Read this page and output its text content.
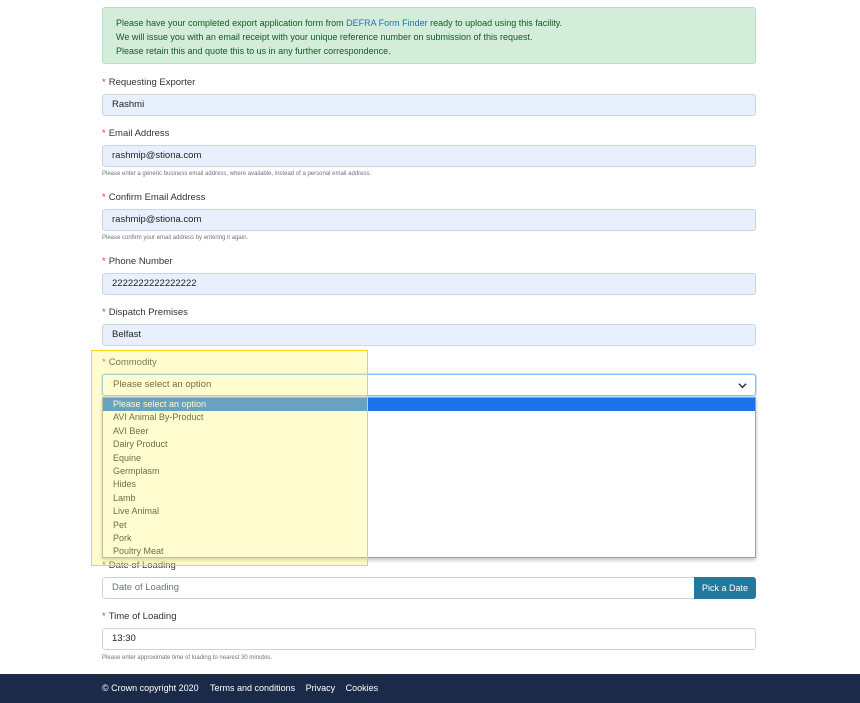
Please have your completed export application form from DEFRA Form Finder ready to upload using this facility.
We will issue you with an email receipt with your unique reference number on submission of this request.
Please retain this and quote this to us in any further correspondence.
* Requesting Exporter
Rashmi
* Email Address
rashmip@stiona.com
Please enter a generic business email address, where available, instead of a personal email address.
* Confirm Email Address
rashmip@stiona.com
Please confirm your email address by entering it again.
* Phone Number
2222222222222222
* Dispatch Premises
Belfast
* Commodity
Please select an option
Please select an option
AVI Animal By-Product
AVI Beer
Dairy Product
Equine
Germplasm
Hides
Lamb
Live Animal
Pet
Pork
Poultry Meat
* Date of Loading
Date of Loading	Pick a Date
* Time of Loading
13:30
Please enter approximate time of loading to nearest 30 minutes.
© Crown copyright 2020 Terms and conditions Privacy Cookies
